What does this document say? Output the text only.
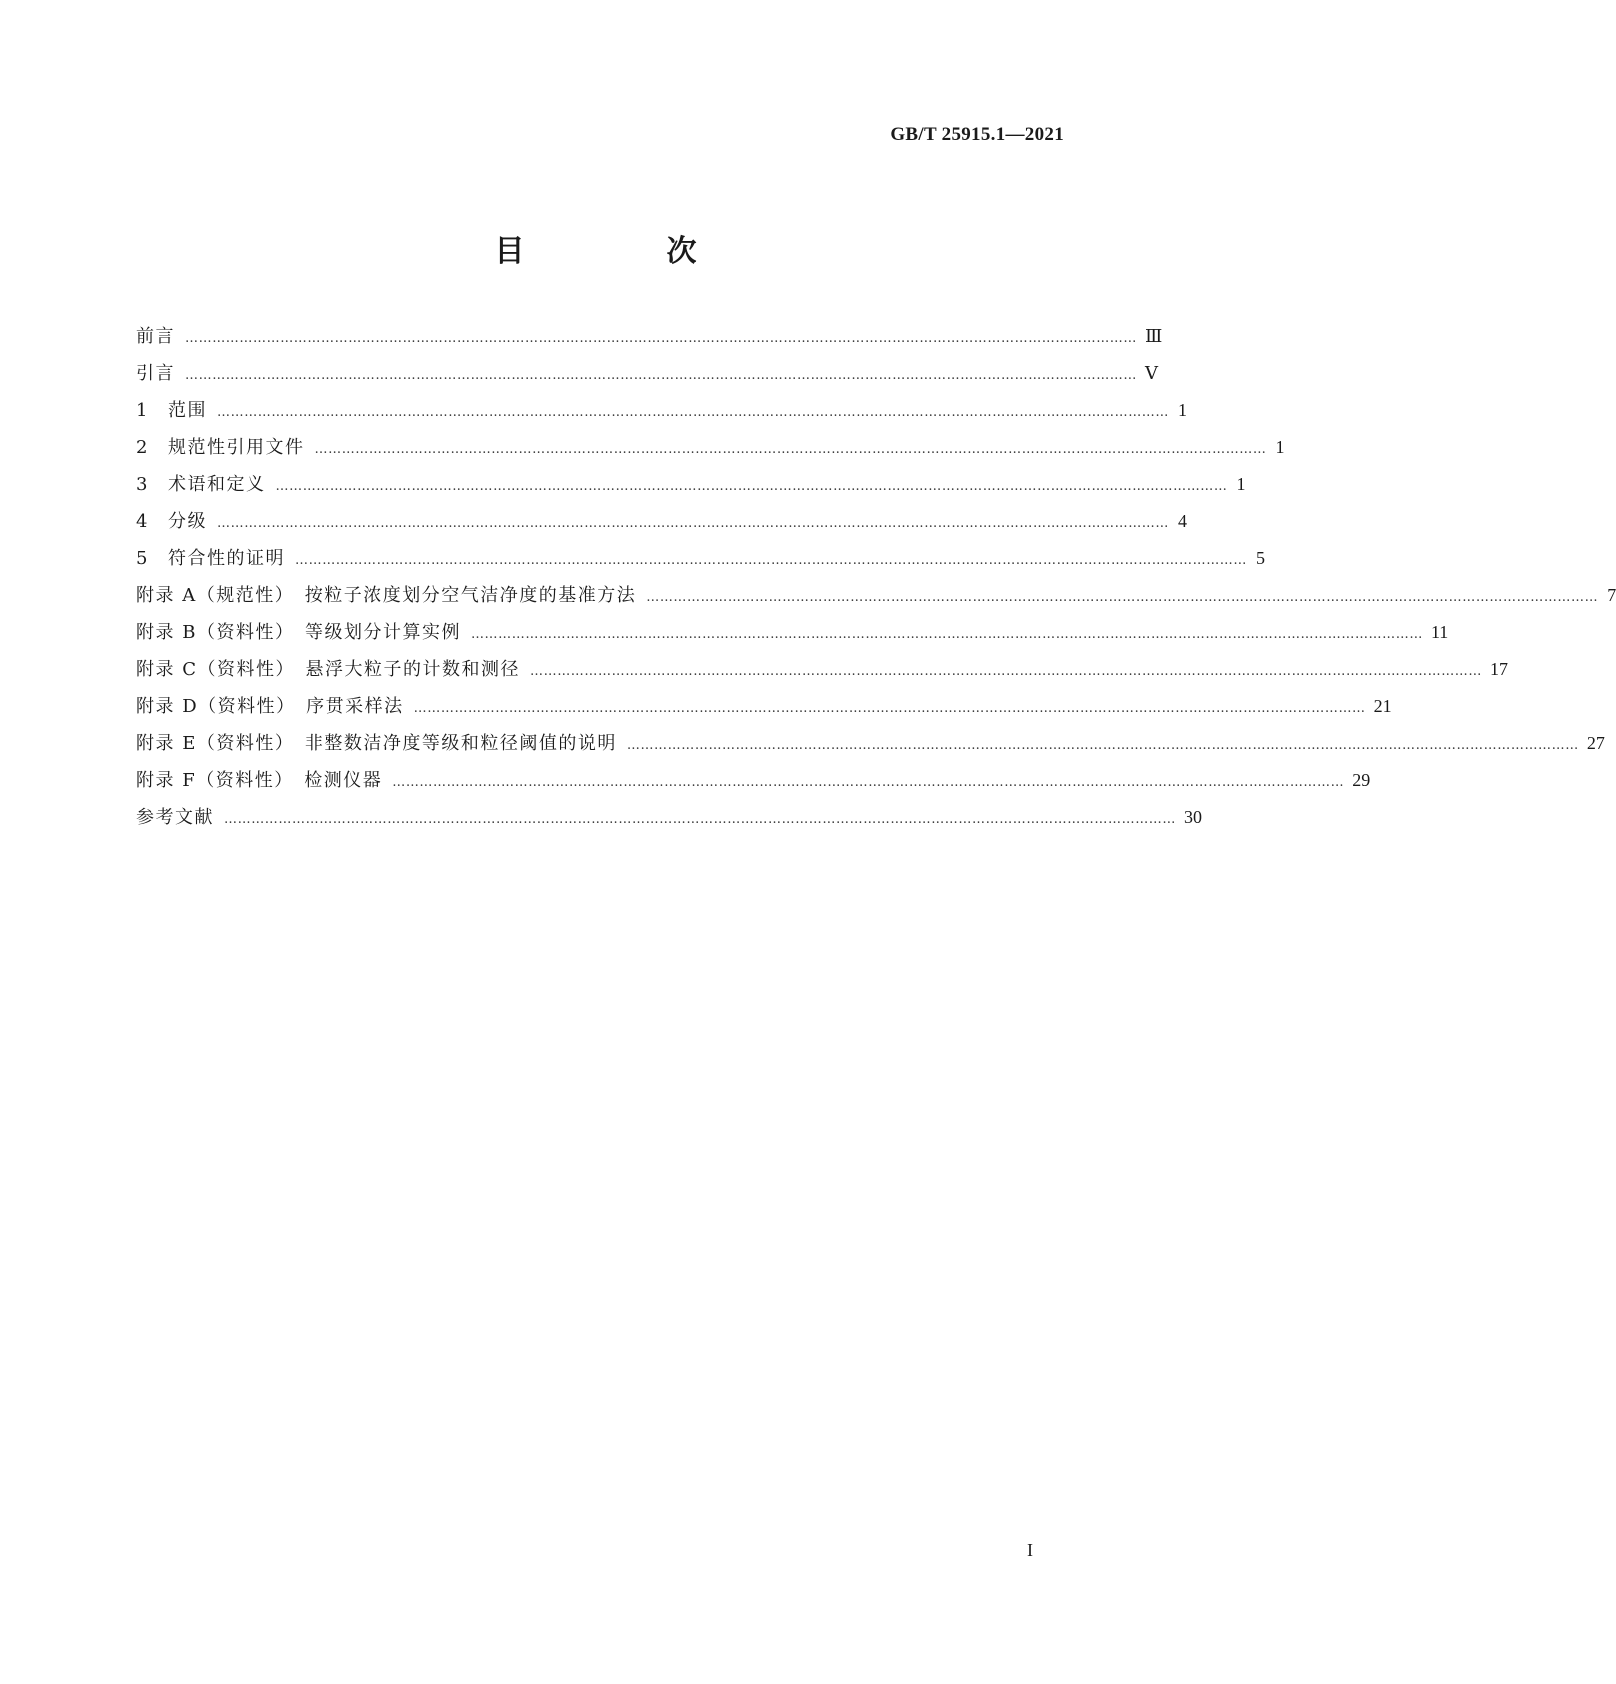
GB/T 25915.1—2021
目　次
前言 ………………………………………………………………………………………………………………………………………………………………………………………… Ⅲ
引言 ………………………………………………………………………………………………………………………………………………………………………………………… Ⅴ
1 范围 ………………………………………………………………………………………………………………………………………………………………………………………… 1
2 规范性引用文件 ………………………………………………………………………………………………………………………………………………………………………………………… 1
3 术语和定义 ………………………………………………………………………………………………………………………………………………………………………………………… 1
4 分级 ………………………………………………………………………………………………………………………………………………………………………………………… 4
5 符合性的证明 ………………………………………………………………………………………………………………………………………………………………………………………… 5
附录 A（规范性）　按粒子浓度划分空气洁净度的基准方法 ………………………………………………………………………………………………………………………………………………………………………………………… 7
附录 B（资料性）　等级划分计算实例 ………………………………………………………………………………………………………………………………………………………………………………………… 11
附录 C（资料性）　悬浮大粒子的计数和测径 ………………………………………………………………………………………………………………………………………………………………………………………… 17
附录 D（资料性）　序贯采样法 ………………………………………………………………………………………………………………………………………………………………………………………… 21
附录 E（资料性）　非整数洁净度等级和粒径阈值的说明 ………………………………………………………………………………………………………………………………………………………………………………………… 27
附录 F（资料性）　检测仪器 ………………………………………………………………………………………………………………………………………………………………………………………… 29
参考文献 ………………………………………………………………………………………………………………………………………………………………………………………… 30
I
